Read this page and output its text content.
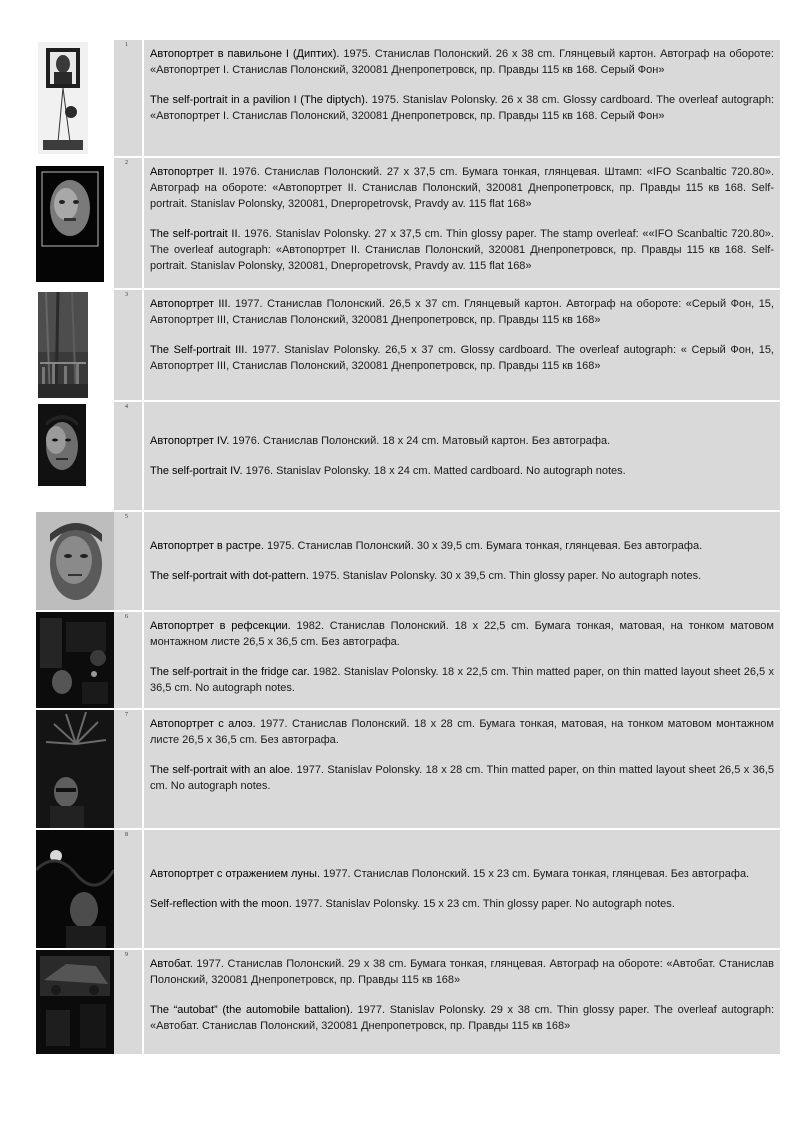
1

Автопортрет в павильоне I (Диптих). 1975. Станислав Полонский. 26 x 38 cm. Глянцевый картон. Автограф на обороте: «Автопортрет I. Станислав Полонский, 320081 Днепропетровск, пр. Правды 115 кв 168. Серый Фон»

The self-portrait in a pavilion I (The diptych). 1975. Stanislav Polonsky. 26 x 38 cm. Glossy cardboard. The overleaf autograph: «Автопортрет I. Станислав Полонский, 320081 Днепропетровск, пр. Правды 115 кв 168. Серый Фон»

2

Автопортрет II. 1976. Станислав Полонский. 27 x 37,5 cm. Бумага тонкая, глянцевая. Штамп: «IFO Scanbaltic 720.80». Автограф на обороте: «Автопортрет II. Станислав Полонский, 320081 Днепропетровск, пр. Правды 115 кв 168. Self-portrait. Stanislav Polonsky, 320081, Dnepropetrovsk, Pravdy av. 115 flat 168»

The self-portrait II. 1976. Stanislav Polonsky. 27 x 37,5 cm. Thin glossy paper. The stamp overleaf: ««IFO Scanbaltic 720.80». The overleaf autograph: «Автопортрет II. Станислав Полонский, 320081 Днепропетровск, пр. Правды 115 кв 168. Self-portrait. Stanislav Polonsky, 320081, Dnepropetrovsk, Pravdy av. 115 flat 168»

3

Автопортрет III. 1977. Станислав Полонский. 26,5 x 37 cm. Глянцевый картон. Автограф на обороте: «Серый Фон, 15, Автопортрет III, Станислав Полонский, 320081 Днепропетровск, пр. Правды 115 кв 168»

The Self-portrait III. 1977. Stanislav Polonsky. 26,5 x 37 cm. Glossy cardboard. The overleaf autograph: « Серый Фон, 15, Автопортрет III, Станислав Полонский, 320081 Днепропетровск, пр. Правды 115 кв 168»

4

Автопортрет IV. 1976. Станислав Полонский. 18 x 24 cm. Матовый картон. Без автографа.

The self-portrait IV. 1976. Stanislav Polonsky. 18 x 24 cm. Matted cardboard. No autograph notes.

5

Автопортрет в растре. 1975. Станислав Полонский. 30 x 39,5 cm. Бумага тонкая, глянцевая. Без автографа.

The self-portrait with dot-pattern. 1975. Stanislav Polonsky. 30 x 39,5 cm. Thin glossy paper. No autograph notes.

6

Автопортрет в рефсекции. 1982. Станислав Полонский. 18 x 22,5 cm. Бумага тонкая, матовая, на тонком матовом монтажном листе 26,5 x 36,5 cm. Без автографа.

The self-portrait in the fridge car. 1982. Stanislav Polonsky. 18 x 22,5 cm. Thin matted paper, on thin matted layout sheet 26,5 x 36,5 cm. No autograph notes.

7

Автопортрет с алоэ. 1977. Станислав Полонский. 18 x 28 cm. Бумага тонкая, матовая, на тонком матовом монтажном листе 26,5 x 36,5 cm. Без автографа.

The self-portrait with an aloe. 1977. Stanislav Polonsky. 18 x 28 cm. Thin matted paper, on thin matted layout sheet 26,5 x 36,5 cm. No autograph notes.

8

Автопортрет с отражением луны. 1977. Станислав Полонский. 15 x 23 cm. Бумага тонкая, глянцевая. Без автографа.

Self-reflection with the moon. 1977. Stanislav Polonsky. 15 x 23 cm. Thin glossy paper. No autograph notes.

9

Автобат. 1977. Станислав Полонский. 29 x 38 cm. Бумага тонкая, глянцевая. Автограф на обороте: «Автобат. Станислав Полонский, 320081 Днепропетровск, пр. Правды 115 кв 168»

The “autobat” (the automobile battalion). 1977. Stanislav Polonsky. 29 x 38 cm. Thin glossy paper. The overleaf autograph: «Автобат. Станислав Полонский, 320081 Днепропетровск, пр. Правды 115 кв 168»
